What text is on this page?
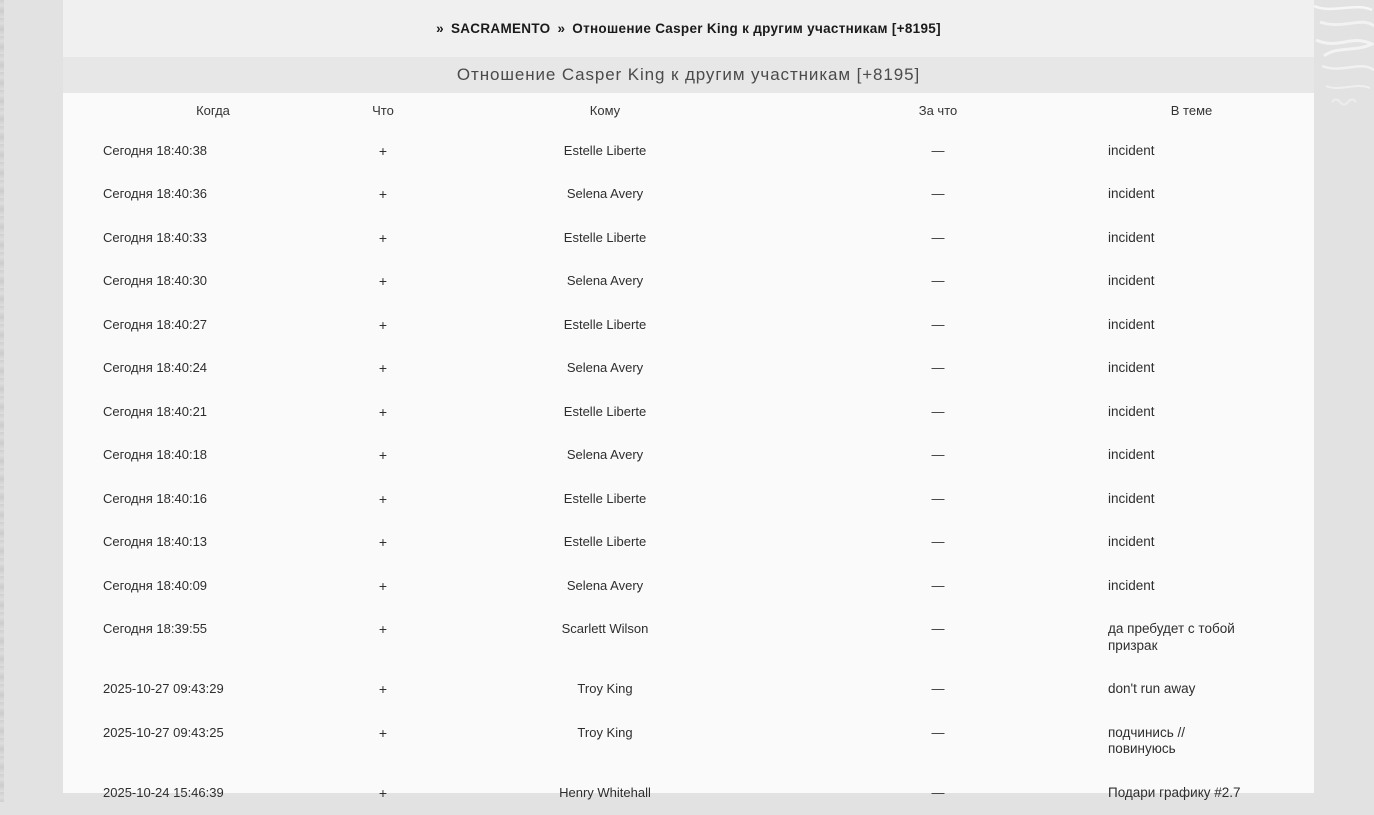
» SACRAMENTO » Отношение Casper King к другим участникам [+8195]
Отношение Casper King к другим участникам [+8195]
Когда	Что	Кому	За что	В теме
Сегодня 18:40:38	+	Estelle Liberte	—	incident
Сегодня 18:40:36	+	Selena Avery	—	incident
Сегодня 18:40:33	+	Estelle Liberte	—	incident
Сегодня 18:40:30	+	Selena Avery	—	incident
Сегодня 18:40:27	+	Estelle Liberte	—	incident
Сегодня 18:40:24	+	Selena Avery	—	incident
Сегодня 18:40:21	+	Estelle Liberte	—	incident
Сегодня 18:40:18	+	Selena Avery	—	incident
Сегодня 18:40:16	+	Estelle Liberte	—	incident
Сегодня 18:40:13	+	Estelle Liberte	—	incident
Сегодня 18:40:09	+	Selena Avery	—	incident
Сегодня 18:39:55	+	Scarlett Wilson	—	да пребудет с тобой призрак
2025-10-27 09:43:29	+	Troy King	—	don't run away
2025-10-27 09:43:25	+	Troy King	—	подчинись // повинуюсь
2025-10-24 15:46:39	+	Henry Whitehall	—	Подари графику #2.7
